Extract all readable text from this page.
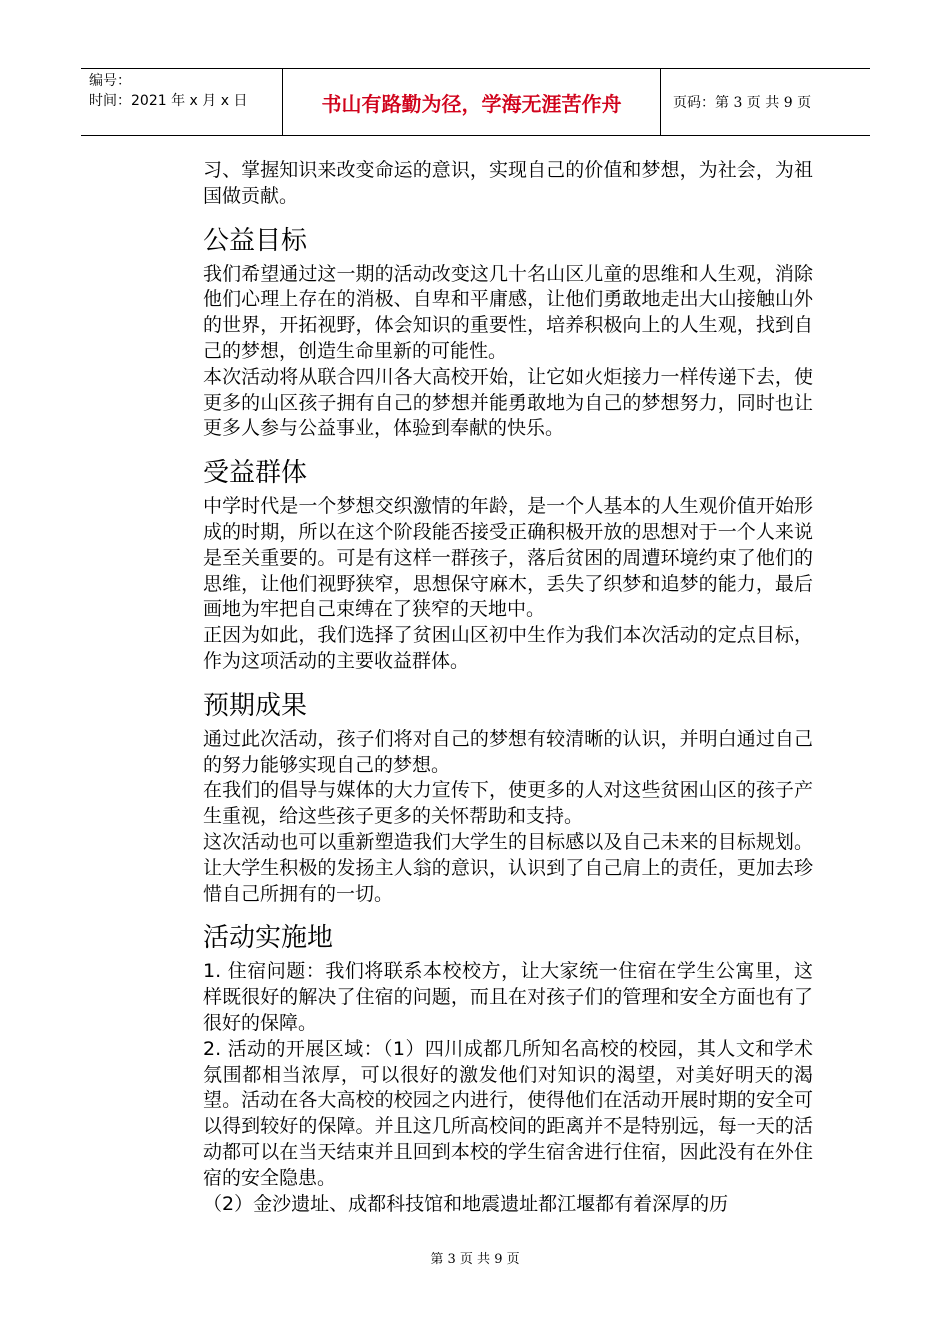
编号：
时间：2021 年 x 月 x 日	书山有路勤为径，学海无涯苦作舟	页码：第 3 页 共 9 页

习、掌握知识来改变命运的意识，实现自己的价值和梦想，为社会，为祖国做贡献。

公益目标

我们希望通过这一期的活动改变这几十名山区儿童的思维和人生观，消除他们心理上存在的消极、自卑和平庸感，让他们勇敢地走出大山接触山外的世界，开拓视野，体会知识的重要性，培养积极向上的人生观，找到自己的梦想，创造生命里新的可能性。

本次活动将从联合四川各大高校开始，让它如火炬接力一样传递下去，使更多的山区孩子拥有自己的梦想并能勇敢地为自己的梦想努力，同时也让更多人参与公益事业，体验到奉献的快乐。

受益群体

中学时代是一个梦想交织激情的年龄，是一个人基本的人生观价值开始形成的时期，所以在这个阶段能否接受正确积极开放的思想对于一个人来说是至关重要的。可是有这样一群孩子，落后贫困的周遭环境约束了他们的思维，让他们视野狭窄，思想保守麻木，丢失了织梦和追梦的能力，最后画地为牢把自己束缚在了狭窄的天地中。

正因为如此，我们选择了贫困山区初中生作为我们本次活动的定点目标，作为这项活动的主要收益群体。

预期成果

通过此次活动，孩子们将对自己的梦想有较清晰的认识，并明白通过自己的努力能够实现自己的梦想。

在我们的倡导与媒体的大力宣传下，使更多的人对这些贫困山区的孩子产生重视，给这些孩子更多的关怀帮助和支持。

这次活动也可以重新塑造我们大学生的目标感以及自己未来的目标规划。让大学生积极的发扬主人翁的意识，认识到了自己肩上的责任，更加去珍惜自己所拥有的一切。

活动实施地

1. 住宿问题：我们将联系本校校方，让大家统一住宿在学生公寓里，这样既很好的解决了住宿的问题，而且在对孩子们的管理和安全方面也有了很好的保障。

2. 活动的开展区域：（1）四川成都几所知名高校的校园，其人文和学术氛围都相当浓厚，可以很好的激发他们对知识的渴望，对美好明天的渴望。活动在各大高校的校园之内进行，使得他们在活动开展时期的安全可以得到较好的保障。并且这几所高校间的距离并不是特别远，每一天的活动都可以在当天结束并且回到本校的学生宿舍进行住宿，因此没有在外住宿的安全隐患。

（2）金沙遗址、成都科技馆和地震遗址都江堰都有着深厚的历

第 3 页 共 9 页
